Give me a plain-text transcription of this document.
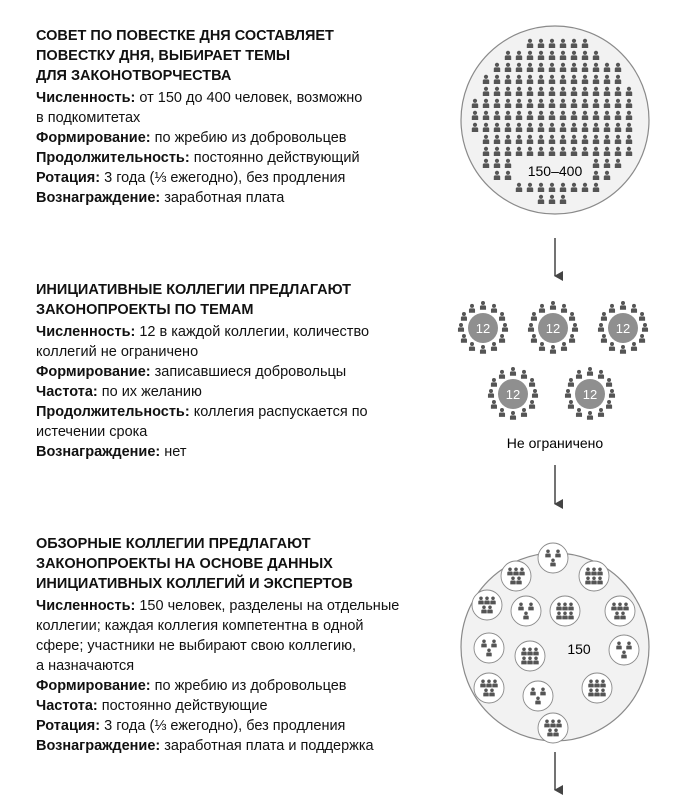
СОВЕТ ПО ПОВЕСТКЕ ДНЯ СОСТАВЛЯЕТ
ПОВЕСТКУ ДНЯ, ВЫБИРАЕТ ТЕМЫ
ДЛЯ ЗАКОНОТВОРЧЕСТВА
Численность: от 150 до 400 человек, возможно
в подкомитетах
Формирование: по жребию из добровольцев
Продолжительность: постоянно действующий
Ротация: 3 года (⅓ ежегодно), без продления
Вознаграждение: заработная плата
ИНИЦИАТИВНЫЕ КОЛЛЕГИИ ПРЕДЛАГАЮТ
ЗАКОНОПРОЕКТЫ ПО ТЕМАМ
Численность: 12 в каждой коллегии, количество
коллегий не ограничено
Формирование: записавшиеся добровольцы
Частота: по их желанию
Продолжительность: коллегия распускается по
истечении срока
Вознаграждение: нет
ОБЗОРНЫЕ КОЛЛЕГИИ ПРЕДЛАГАЮТ
ЗАКОНОПРОЕКТЫ НА ОСНОВЕ ДАННЫХ
ИНИЦИАТИВНЫХ КОЛЛЕГИЙ И ЭКСПЕРТОВ
Численность: 150 человек, разделены на отдельные
коллегии; каждая коллегия компетентна в одной
сфере; участники не выбирают свою коллегию,
а назначаются
Формирование: по жребию из добровольцев
Частота: постоянно действующие
Ротация: 3 года (⅓ ежегодно), без продления
Вознаграждение: заработная плата и поддержка
150–400
12	12	12
12	12
Не ограничено
150
